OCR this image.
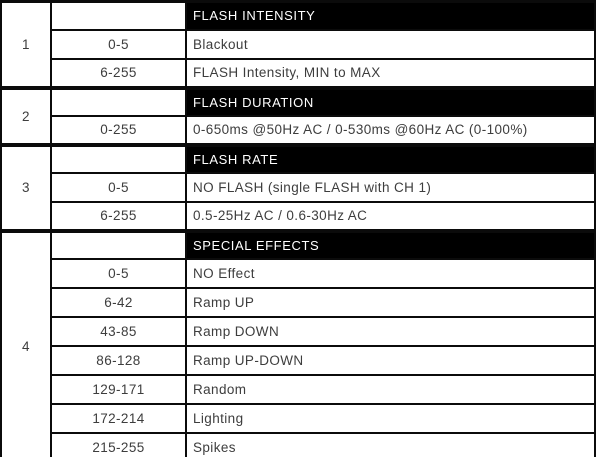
1		FLASH INTENSITY
	0-5	Blackout
	6-255	FLASH Intensity, MIN to MAX
2		FLASH DURATION
	0-255	0-650ms @50Hz AC / 0-530ms @60Hz AC (0-100%)
3		FLASH RATE
	0-5	NO FLASH (single FLASH with CH 1)
	6-255	0.5-25Hz AC / 0.6-30Hz AC
4		SPECIAL EFFECTS
	0-5	NO Effect
	6-42	Ramp UP
	43-85	Ramp DOWN
	86-128	Ramp UP-DOWN
	129-171	Random
	172-214	Lighting
	215-255	Spikes
